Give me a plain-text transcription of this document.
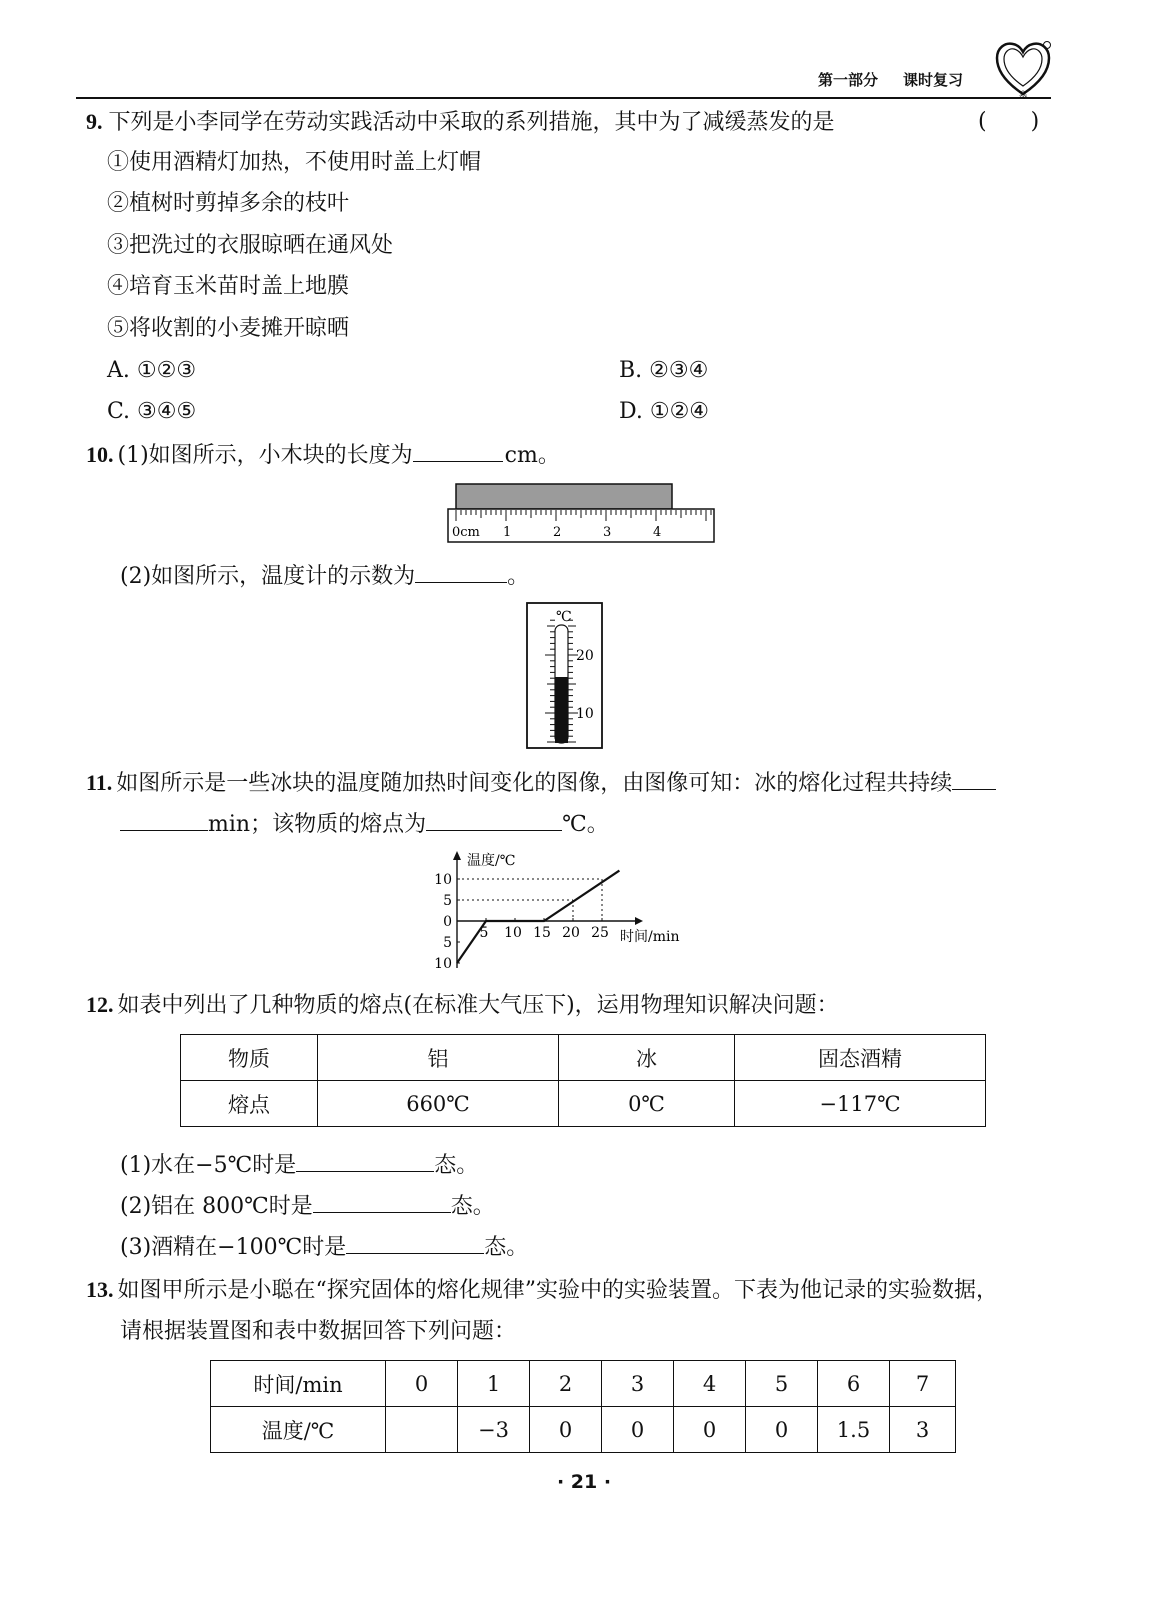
第一部分 课时复习
寒
9. 下列是小李同学在劳动实践活动中采取的系列措施，其中为了减缓蒸发的是	(　　)
①使用酒精灯加热，不使用时盖上灯帽
②植树时剪掉多余的枝叶
③把洗过的衣服晾晒在通风处
④培育玉米苗时盖上地膜
⑤将收割的小麦摊开晾晒
A. ①②③	B. ②③④
C. ③④⑤	D. ①②④
10. (1)如图所示，小木块的长度为	cm。
0cm 1	2	3	4
(2)如图所示，温度计的示数为	。
℃
20
10
11. 如图所示是一些冰块的温度随加热时间变化的图像，由图像可知：冰的熔化过程共持续
min；该物质的熔点为	℃。
温度/℃
时间/min
5 10 15 20 25
10
5
0
5
10
12. 如表中列出了几种物质的熔点(在标准大气压下)，运用物理知识解决问题：
物质	铝	冰	固态酒精
熔点	660℃	0℃	−117℃
(1)水在−5℃时是	态。
(2)铝在 800℃时是	态。
(3)酒精在−100℃时是	态。
13. 如图甲所示是小聪在“探究固体的熔化规律”实验中的实验装置。下表为他记录的实验数据，
请根据装置图和表中数据回答下列问题：
时间/min	0	1	2	3	4	5	6	7
温度/℃		−3	0	0	0	0	1.5	3
· 21 ·
